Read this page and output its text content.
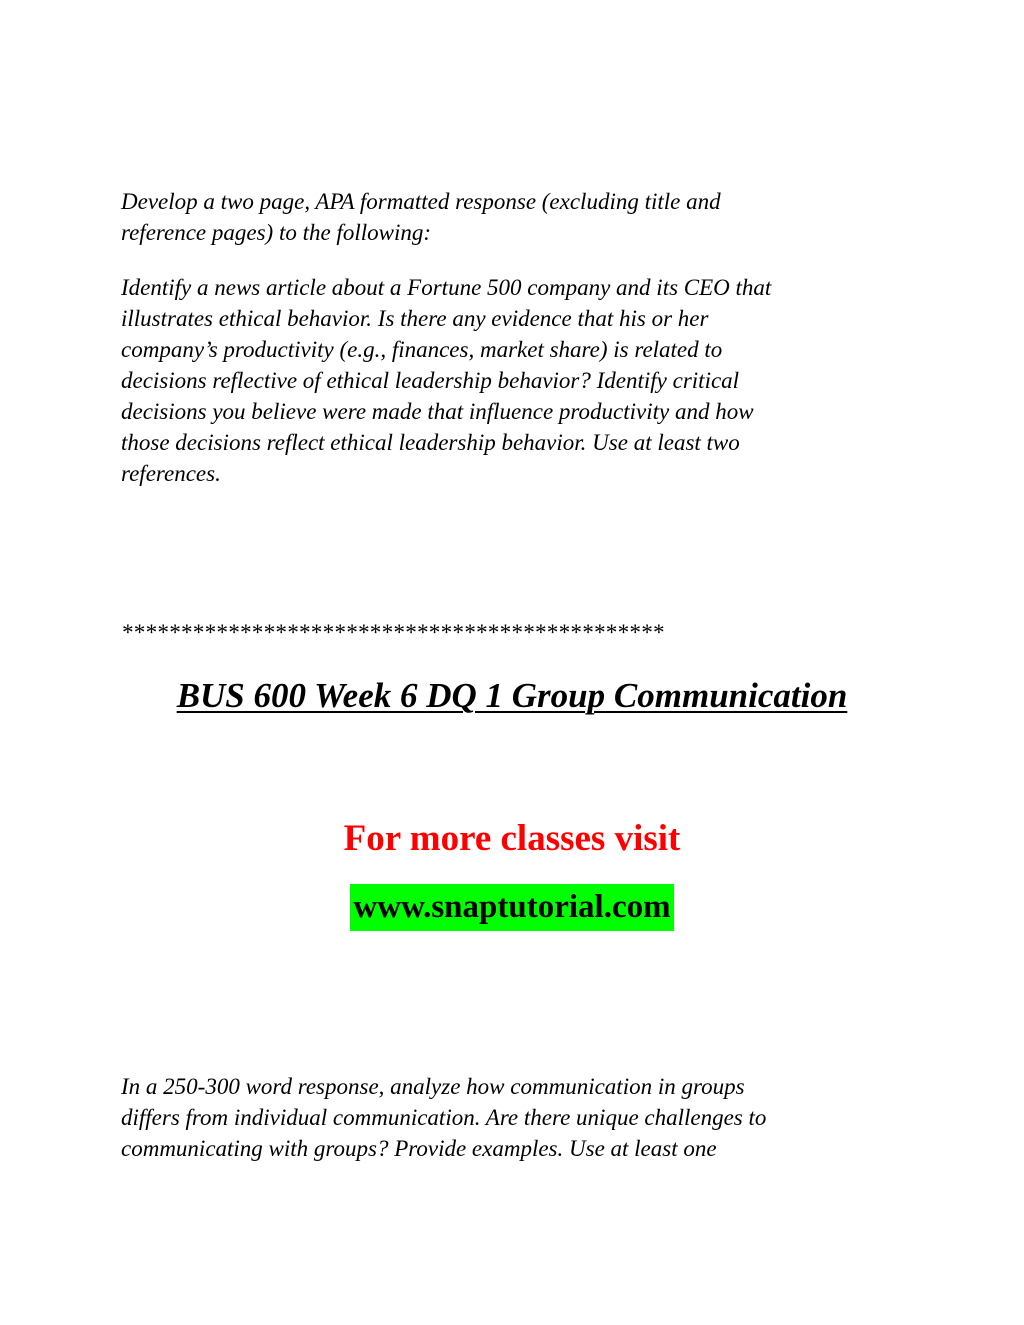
Develop a two page, APA formatted response (excluding title and
reference pages) to the following:
Identify a news article about a Fortune 500 company and its CEO that
illustrates ethical behavior. Is there any evidence that his or her
company’s productivity (e.g., finances, market share) is related to
decisions reflective of ethical leadership behavior? Identify critical
decisions you believe were made that influence productivity and how
those decisions reflect ethical leadership behavior. Use at least two
references.
**********************************************
BUS 600 Week 6 DQ 1 Group Communication
For more classes visit
www.snaptutorial.com
In a 250-300 word response, analyze how communication in groups
differs from individual communication. Are there unique challenges to
communicating with groups? Provide examples. Use at least one
